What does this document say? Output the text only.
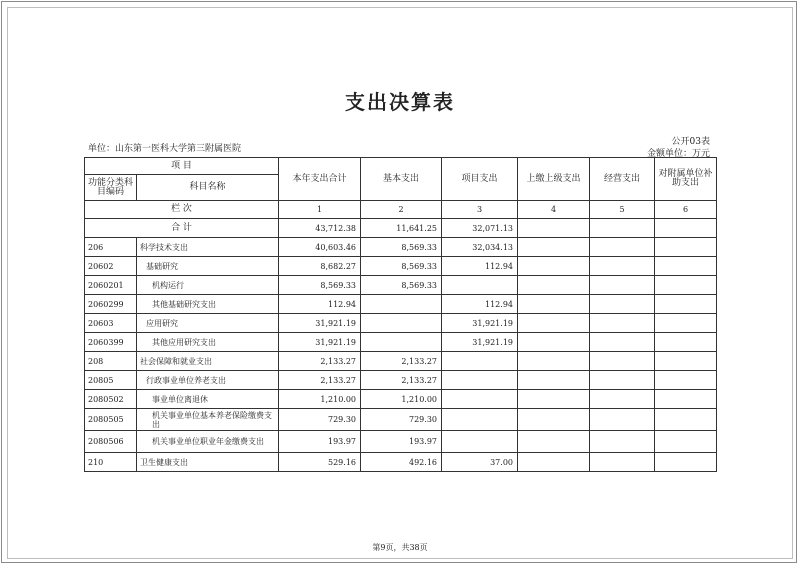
支出决算表
单位：山东第一医科大学第三附属医院
公开03表
金额单位：万元
项 目		本年支出合计	基本支出	项目支出	上缴上级支出	经营支出	对附属单位补助支出
功能分类科目编码	科目名称						
栏 次		1	2	3	4	5	6
合 计		43,712.38	11,641.25	32,071.13			
206	科学技术支出	40,603.46	8,569.33	32,034.13			
20602	基础研究	8,682.27	8,569.33	112.94			
2060201	机构运行	8,569.33	8,569.33				
2060299	其他基础研究支出	112.94		112.94			
20603	应用研究	31,921.19		31,921.19			
2060399	其他应用研究支出	31,921.19		31,921.19			
208	社会保障和就业支出	2,133.27	2,133.27				
20805	行政事业单位养老支出	2,133.27	2,133.27				
2080502	事业单位离退休	1,210.00	1,210.00				
2080505	机关事业单位基本养老保险缴费支出	729.30	729.30				
2080506	机关事业单位职业年金缴费支出	193.97	193.97				
210	卫生健康支出	529.16	492.16	37.00			
第9页，共38页
